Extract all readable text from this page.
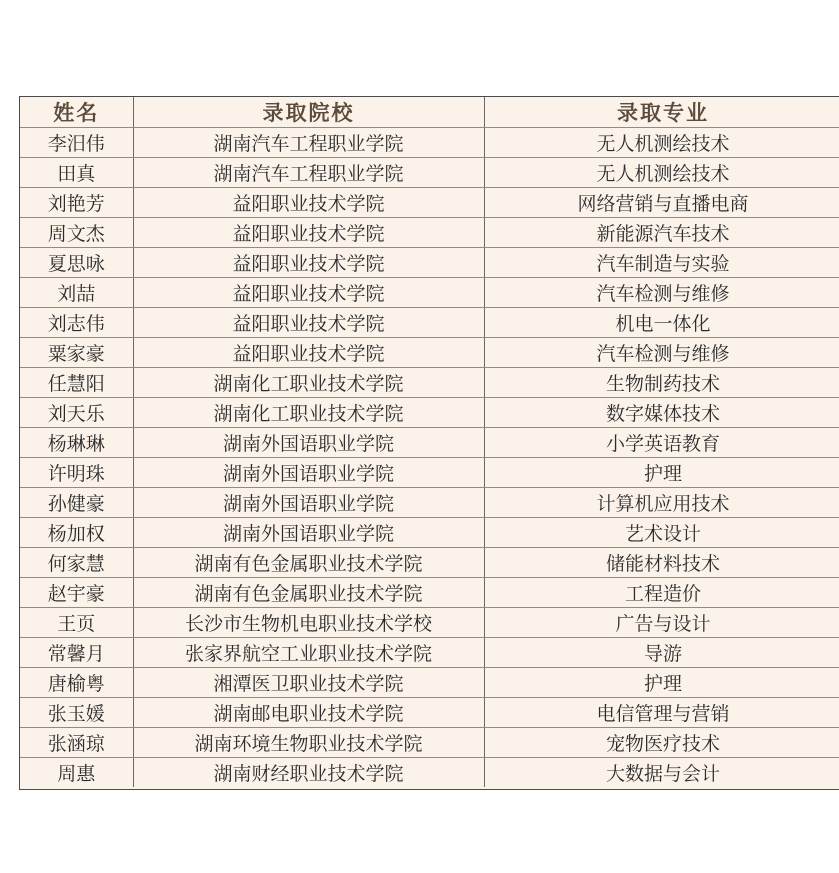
姓名	录取院校	录取专业
李汨伟	湖南汽车工程职业学院	无人机测绘技术
田真	湖南汽车工程职业学院	无人机测绘技术
刘艳芳	益阳职业技术学院	网络营销与直播电商
周文杰	益阳职业技术学院	新能源汽车技术
夏思咏	益阳职业技术学院	汽车制造与实验
刘喆	益阳职业技术学院	汽车检测与维修
刘志伟	益阳职业技术学院	机电一体化
粟家豪	益阳职业技术学院	汽车检测与维修
任慧阳	湖南化工职业技术学院	生物制药技术
刘天乐	湖南化工职业技术学院	数字媒体技术
杨琳琳	湖南外国语职业学院	小学英语教育
许明珠	湖南外国语职业学院	护理
孙健豪	湖南外国语职业学院	计算机应用技术
杨加权	湖南外国语职业学院	艺术设计
何家慧	湖南有色金属职业技术学院	储能材料技术
赵宇豪	湖南有色金属职业技术学院	工程造价
王页	长沙市生物机电职业技术学校	广告与设计
常馨月	张家界航空工业职业技术学院	导游
唐榆粤	湘潭医卫职业技术学院	护理
张玉媛	湖南邮电职业技术学院	电信管理与营销
张涵琼	湖南环境生物职业技术学院	宠物医疗技术
周惠	湖南财经职业技术学院	大数据与会计
